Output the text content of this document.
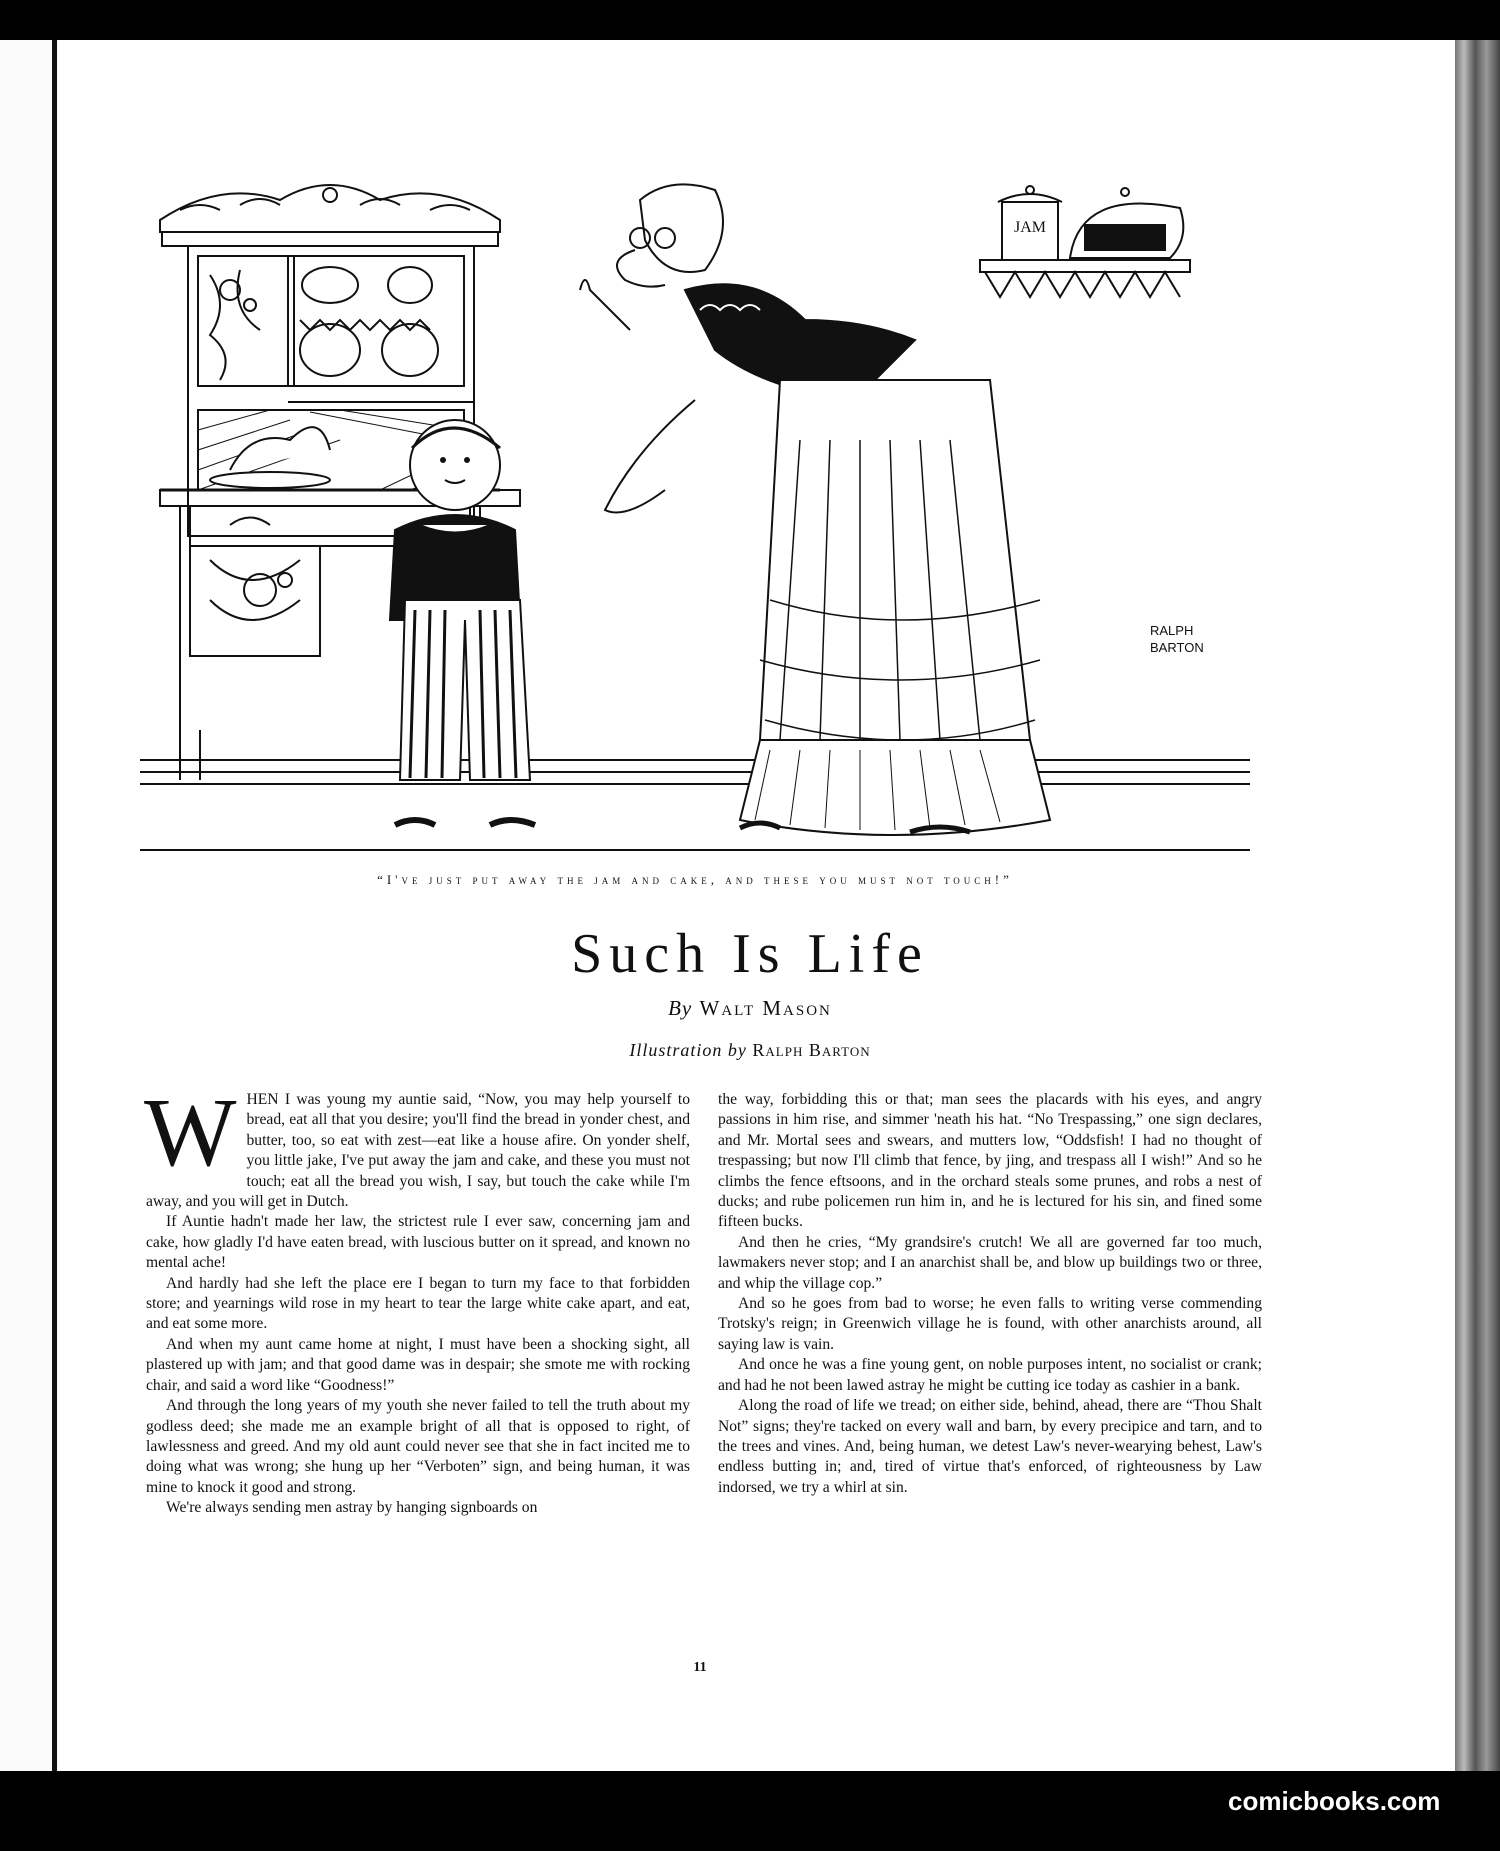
JAM
RALPH
BARTON
“I've just put away the jam and cake, and these you must not touch!”
Such Is Life
By Walt Mason
Illustration by Ralph Barton

WHEN I was young my auntie said, “Now, you may help yourself to bread, eat all that you desire; you'll find the bread in yonder chest, and butter, too, so eat with zest—eat like a house afire. On yonder shelf, you little jake, I've put away the jam and cake, and these you must not touch; eat all the bread you wish, I say, but touch the cake while I'm away, and you will get in Dutch.

If Auntie hadn't made her law, the strictest rule I ever saw, concerning jam and cake, how gladly I'd have eaten bread, with luscious butter on it spread, and known no mental ache!

And hardly had she left the place ere I began to turn my face to that forbidden store; and yearnings wild rose in my heart to tear the large white cake apart, and eat, and eat some more.

And when my aunt came home at night, I must have been a shocking sight, all plastered up with jam; and that good dame was in despair; she smote me with rocking chair, and said a word like “Goodness!”

And through the long years of my youth she never failed to tell the truth about my godless deed; she made me an example bright of all that is opposed to right, of lawlessness and greed. And my old aunt could never see that she in fact incited me to doing what was wrong; she hung up her “Verboten” sign, and being human, it was mine to knock it good and strong.

We're always sending men astray by hanging signboards on

the way, forbidding this or that; man sees the placards with his eyes, and angry passions in him rise, and simmer 'neath his hat. “No Trespassing,” one sign declares, and Mr. Mortal sees and swears, and mutters low, “Oddsfish! I had no thought of trespassing; but now I'll climb that fence, by jing, and trespass all I wish!” And so he climbs the fence eftsoons, and in the orchard steals some prunes, and robs a nest of ducks; and rube policemen run him in, and he is lectured for his sin, and fined some fifteen bucks.

And then he cries, “My grandsire's crutch! We all are governed far too much, lawmakers never stop; and I an anarchist shall be, and blow up buildings two or three, and whip the village cop.”

And so he goes from bad to worse; he even falls to writing verse commending Trotsky's reign; in Greenwich village he is found, with other anarchists around, all saying law is vain.

And once he was a fine young gent, on noble purposes intent, no socialist or crank; and had he not been lawed astray he might be cutting ice today as cashier in a bank.

Along the road of life we tread; on either side, behind, ahead, there are “Thou Shalt Not” signs; they're tacked on every wall and barn, by every precipice and tarn, and to the trees and vines. And, being human, we detest Law's never-wearying behest, Law's endless butting in; and, tired of virtue that's enforced, of righteousness by Law indorsed, we try a whirl at sin.

11
comicbooks.com
